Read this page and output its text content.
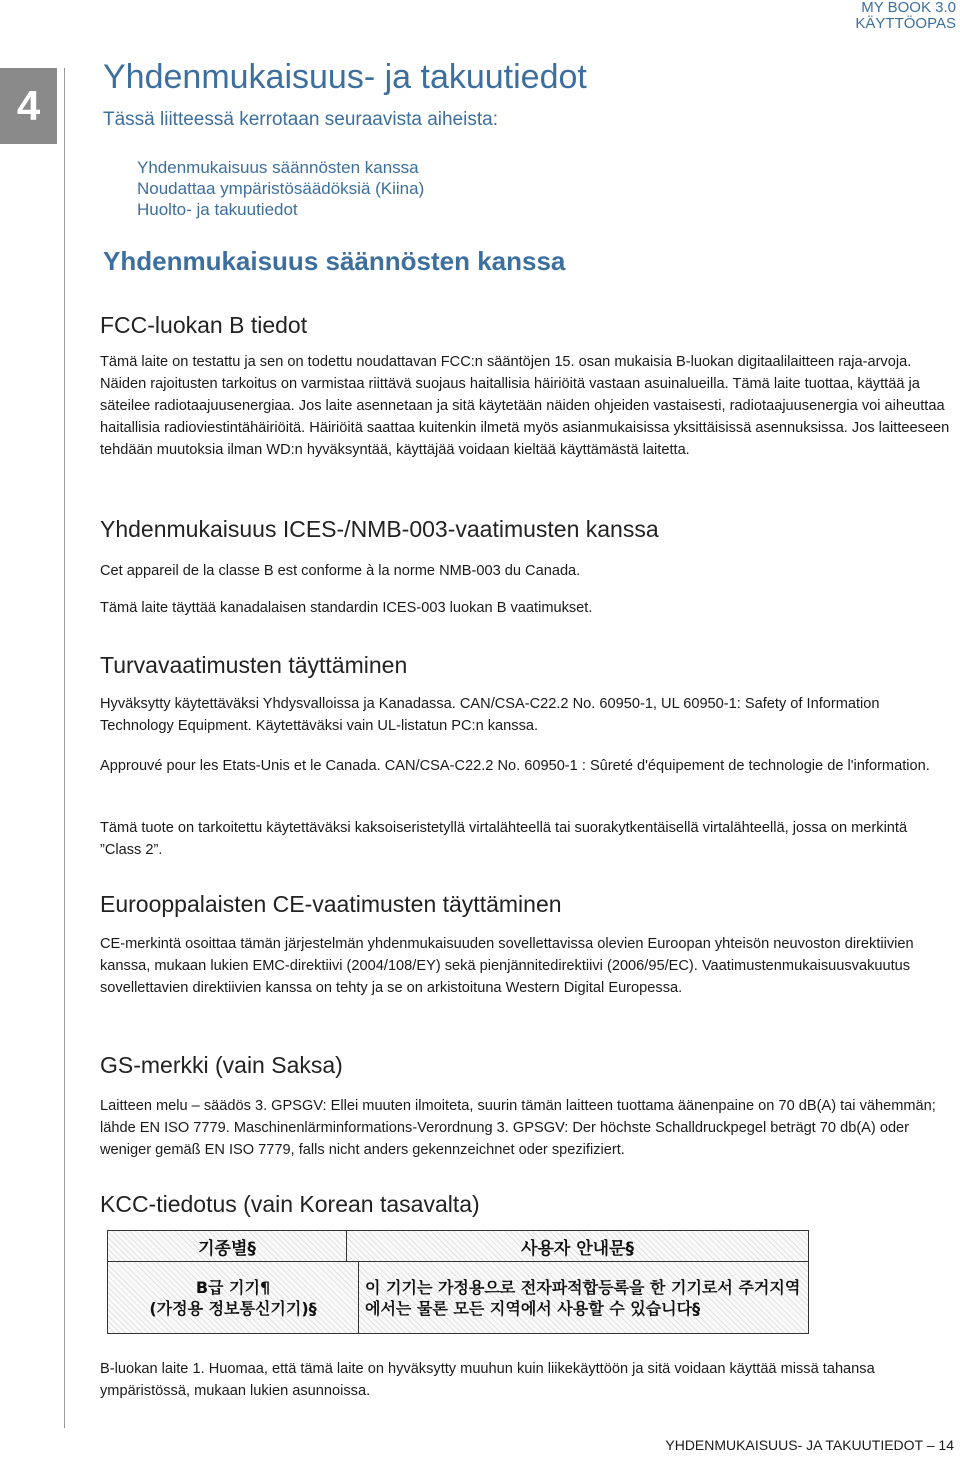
MY BOOK 3.0
KÄYTTÖOPAS
4
Yhdenmukaisuus- ja takuutiedot
Tässä liitteessä kerrotaan seuraavista aiheista:
Yhdenmukaisuus säännösten kanssa
Noudattaa ympäristösäädöksiä (Kiina)
Huolto- ja takuutiedot
Yhdenmukaisuus säännösten kanssa
FCC-luokan B tiedot

Tämä laite on testattu ja sen on todettu noudattavan FCC:n sääntöjen 15. osan mukaisia B-luokan digitaalilaitteen raja-arvoja. Näiden rajoitusten tarkoitus on varmistaa riittävä suojaus haitallisia häiriöitä vastaan asuinalueilla. Tämä laite tuottaa, käyttää ja säteilee radiotaajuusenergiaa. Jos laite asennetaan ja sitä käytetään näiden ohjeiden vastaisesti, radiotaajuusenergia voi aiheuttaa haitallisia radioviestintähäiriöitä. Häiriöitä saattaa kuitenkin ilmetä myös asianmukaisissa yksittäisissä asennuksissa. Jos laitteeseen tehdään muutoksia ilman WD:n hyväksyntää, käyttäjää voidaan kieltää käyttämästä laitetta.

Yhdenmukaisuus ICES-/NMB-003-vaatimusten kanssa

Cet appareil de la classe B est conforme à la norme NMB-003 du Canada.

Tämä laite täyttää kanadalaisen standardin ICES-003 luokan B vaatimukset.

Turvavaatimusten täyttäminen

Hyväksytty käytettäväksi Yhdysvalloissa ja Kanadassa. CAN/CSA-C22.2 No. 60950-1, UL 60950-1: Safety of Information Technology Equipment. Käytettäväksi vain UL-listatun PC:n kanssa.

Approuvé pour les Etats-Unis et le Canada. CAN/CSA-C22.2 No. 60950-1 : Sûreté d'équipement de technologie de l'information.

Tämä tuote on tarkoitettu käytettäväksi kaksoiseristetyllä virtalähteellä tai suorakytkentäisellä virtalähteellä, jossa on merkintä ”Class 2”.

Eurooppalaisten CE-vaatimusten täyttäminen

CE-merkintä osoittaa tämän järjestelmän yhdenmukaisuuden sovellettavissa olevien Euroopan yhteisön neuvoston direktiivien kanssa, mukaan lukien EMC-direktiivi (2004/108/EY) sekä pienjännitedirektiivi (2006/95/EC). Vaatimustenmukaisuusvakuutus sovellettavien direktiivien kanssa on tehty ja se on arkistoituna Western Digital Europessa.

GS-merkki (vain Saksa)

Laitteen melu – säädös 3. GPSGV: Ellei muuten ilmoiteta, suurin tämän laitteen tuottama äänenpaine on 70 dB(A) tai vähemmän; lähde EN ISO 7779. Maschinenlärminformations-Verordnung 3. GPSGV: Der höchste Schalldruckpegel beträgt 70 db(A) oder weniger gemäß EN ISO 7779, falls nicht anders gekennzeichnet oder spezifiziert.

KCC-tiedotus (vain Korean tasavalta)
기종별§	사용자 안내문§
B급 기기¶
(가정용 정보통신기기)§
이 기기는 가정용으로 전자파적합등록을 한 기기로서 주거지역에서는 물론 모든 지역에서 사용할 수 있습니다§

B-luokan laite 1. Huomaa, että tämä laite on hyväksytty muuhun kuin liikekäyttöön ja sitä voidaan käyttää missä tahansa ympäristössä, mukaan lukien asunnoissa.

YHDENMUKAISUUS- JA TAKUUTIEDOT – 14
